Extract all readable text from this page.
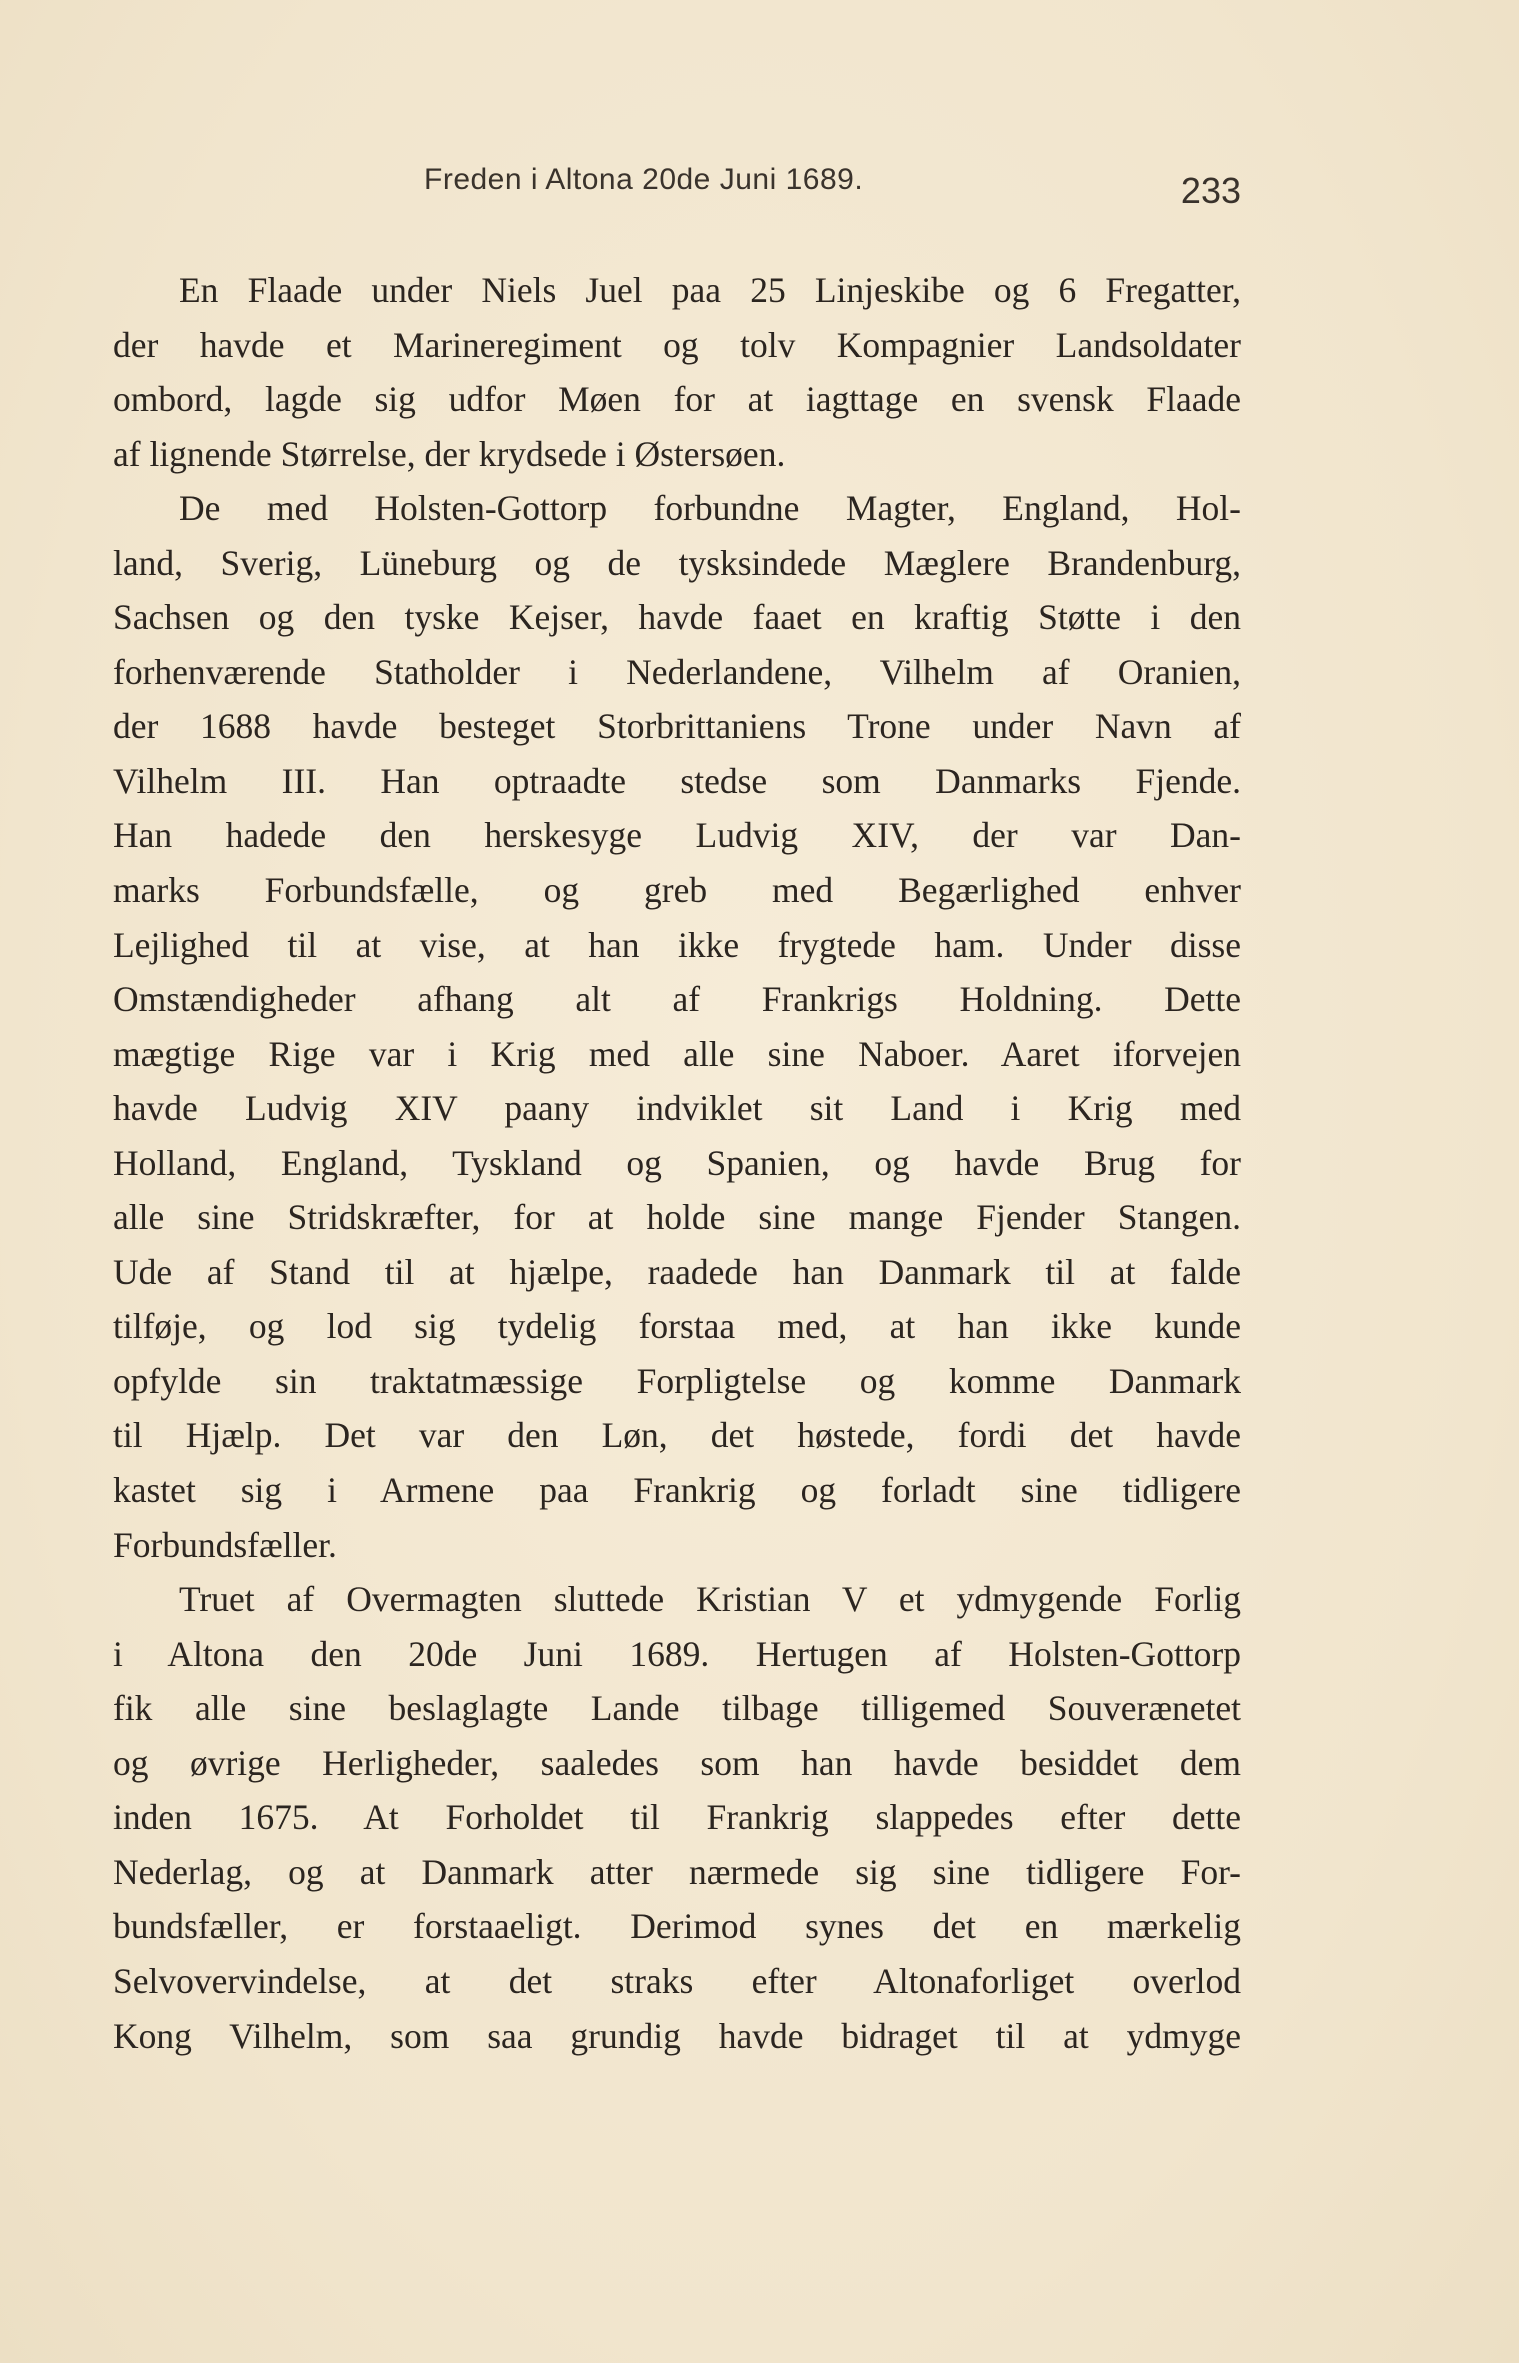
Freden i Altona 20de Juni 1689.	233
En Flaade under Niels Juel paa 25 Linjeskibe og 6 Fregatter,
der havde et Marineregiment og tolv Kompagnier Landsoldater
ombord, lagde sig udfor Møen for at iagttage en svensk Flaade
af lignende Størrelse, der krydsede i Østersøen.
De med Holsten-Gottorp forbundne Magter, England, Hol-
land, Sverig, Lüneburg og de tysksindede Mæglere Brandenburg,
Sachsen og den tyske Kejser, havde faaet en kraftig Støtte i den
forhenværende Statholder i Nederlandene, Vilhelm af Oranien,
der 1688 havde besteget Storbrittaniens Trone under Navn af
Vilhelm III. Han optraadte stedse som Danmarks Fjende.
Han hadede den herskesyge Ludvig XIV, der var Dan-
marks Forbundsfælle, og greb med Begærlighed enhver
Lejlighed til at vise, at han ikke frygtede ham. Under disse
Omstændigheder afhang alt af Frankrigs Holdning. Dette
mægtige Rige var i Krig med alle sine Naboer. Aaret iforvejen
havde Ludvig XIV paany indviklet sit Land i Krig med
Holland, England, Tyskland og Spanien, og havde Brug for
alle sine Stridskræfter, for at holde sine mange Fjender Stangen.
Ude af Stand til at hjælpe, raadede han Danmark til at falde
tilføje, og lod sig tydelig forstaa med, at han ikke kunde
opfylde sin traktatmæssige Forpligtelse og komme Danmark
til Hjælp. Det var den Løn, det høstede, fordi det havde
kastet sig i Armene paa Frankrig og forladt sine tidligere
Forbundsfæller.
Truet af Overmagten sluttede Kristian V et ydmygende Forlig
i Altona den 20de Juni 1689. Hertugen af Holsten-Gottorp
fik alle sine beslaglagte Lande tilbage tilligemed Souverænetet
og øvrige Herligheder, saaledes som han havde besiddet dem
inden 1675. At Forholdet til Frankrig slappedes efter dette
Nederlag, og at Danmark atter nærmede sig sine tidligere For-
bundsfæller, er forstaaeligt. Derimod synes det en mærkelig
Selvovervindelse, at det straks efter Altonaforliget overlod
Kong Vilhelm, som saa grundig havde bidraget til at ydmyge
